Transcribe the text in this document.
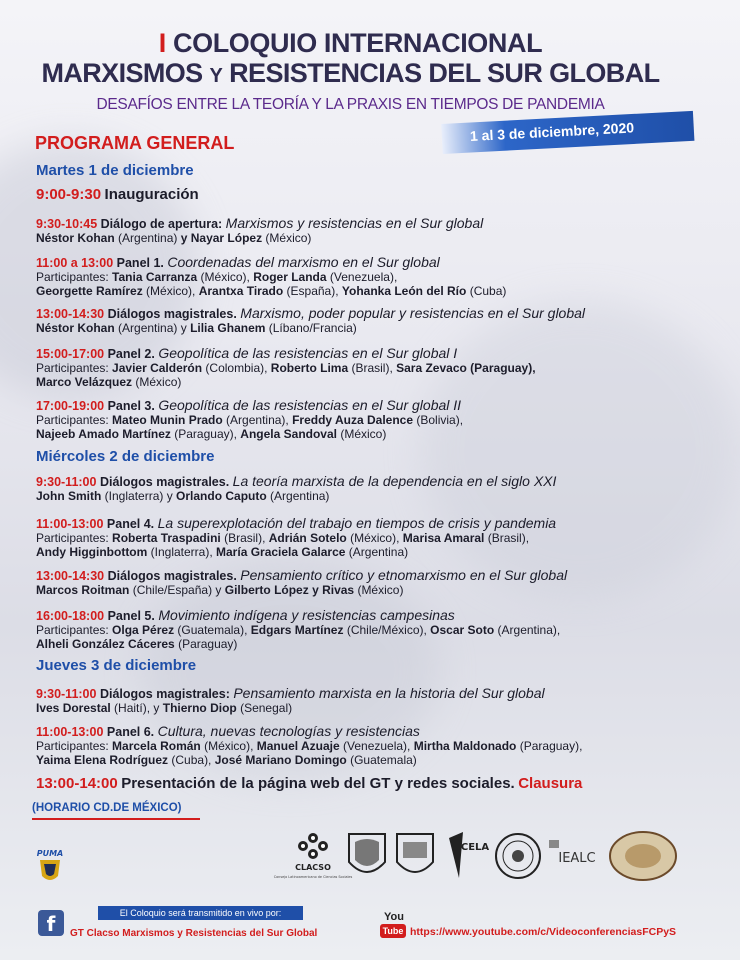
I COLOQUIO INTERNACIONAL
MARXISMOS Y RESISTENCIAS DEL SUR GLOBAL
DESAFÍOS ENTRE LA TEORÍA Y LA PRAXIS EN TIEMPOS DE PANDEMIA
1 al 3 de diciembre, 2020
PROGRAMA GENERAL
Martes 1 de diciembre
Miércoles 2 de diciembre
Jueves 3 de diciembre
9:00-9:30 Inauguración
9:30-10:45 Diálogo de apertura: Marxismos y resistencias en el Sur global
Néstor Kohan (Argentina) y Nayar López (México)
11:00 a 13:00 Panel 1. Coordenadas del marxismo en el Sur global
Participantes: Tania Carranza (México), Roger Landa (Venezuela),
Georgette Ramírez (México), Arantxa Tirado (España), Yohanka León del Río (Cuba)
13:00-14:30 Diálogos magistrales. Marxismo, poder popular y resistencias en el Sur global
Néstor Kohan (Argentina) y Lilia Ghanem (Líbano/Francia)
15:00-17:00 Panel 2. Geopolítica de las resistencias en el Sur global I
Participantes: Javier Calderón (Colombia), Roberto Lima (Brasil), Sara Zevaco (Paraguay),
Marco Velázquez (México)
17:00-19:00 Panel 3. Geopolítica de las resistencias en el Sur global II
Participantes: Mateo Munin Prado (Argentina), Freddy Auza Dalence (Bolivia),
Najeeb Amado Martínez (Paraguay), Angela Sandoval (México)
9:30-11:00 Diálogos magistrales. La teoría marxista de la dependencia en el siglo XXI
John Smith (Inglaterra) y Orlando Caputo (Argentina)
11:00-13:00 Panel 4. La superexplotación del trabajo en tiempos de crisis y pandemia
Participantes: Roberta Traspadini (Brasil), Adrián Sotelo (México), Marisa Amaral (Brasil),
Andy Higginbottom (Inglaterra), María Graciela Galarce (Argentina)
13:00-14:30 Diálogos magistrales. Pensamiento crítico y etnomarxismo en el Sur global
Marcos Roitman (Chile/España) y Gilberto López y Rivas (México)
16:00-18:00 Panel 5. Movimiento indígena y resistencias campesinas
Participantes: Olga Pérez (Guatemala), Edgars Martínez (Chile/México), Oscar Soto (Argentina),
Alheli González Cáceres (Paraguay)
9:30-11:00 Diálogos magistrales: Pensamiento marxista en la historia del Sur global
Ives Dorestal (Haití), y Thierno Diop (Senegal)
11:00-13:00 Panel 6. Cultura, nuevas tecnologías y resistencias
Participantes: Marcela Román (México), Manuel Azuaje (Venezuela), Mirtha Maldonado (Paraguay),
Yaima Elena Rodríguez (Cuba), José Mariano Domingo (Guatemala)
13:00-14:00 Presentación de la página web del GT y redes sociales. Clausura
(HORARIO CD.DE MÉXICO)
PUMA
CLACSO
Consejo Latinoamericano de Ciencias Sociales
CELA
IEALC
El Coloquio será transmitido en vivo por:
f	GT Clacso Marxismos y Resistencias del Sur Global
You
Tube https://www.youtube.com/c/VideoconferenciasFCPyS
